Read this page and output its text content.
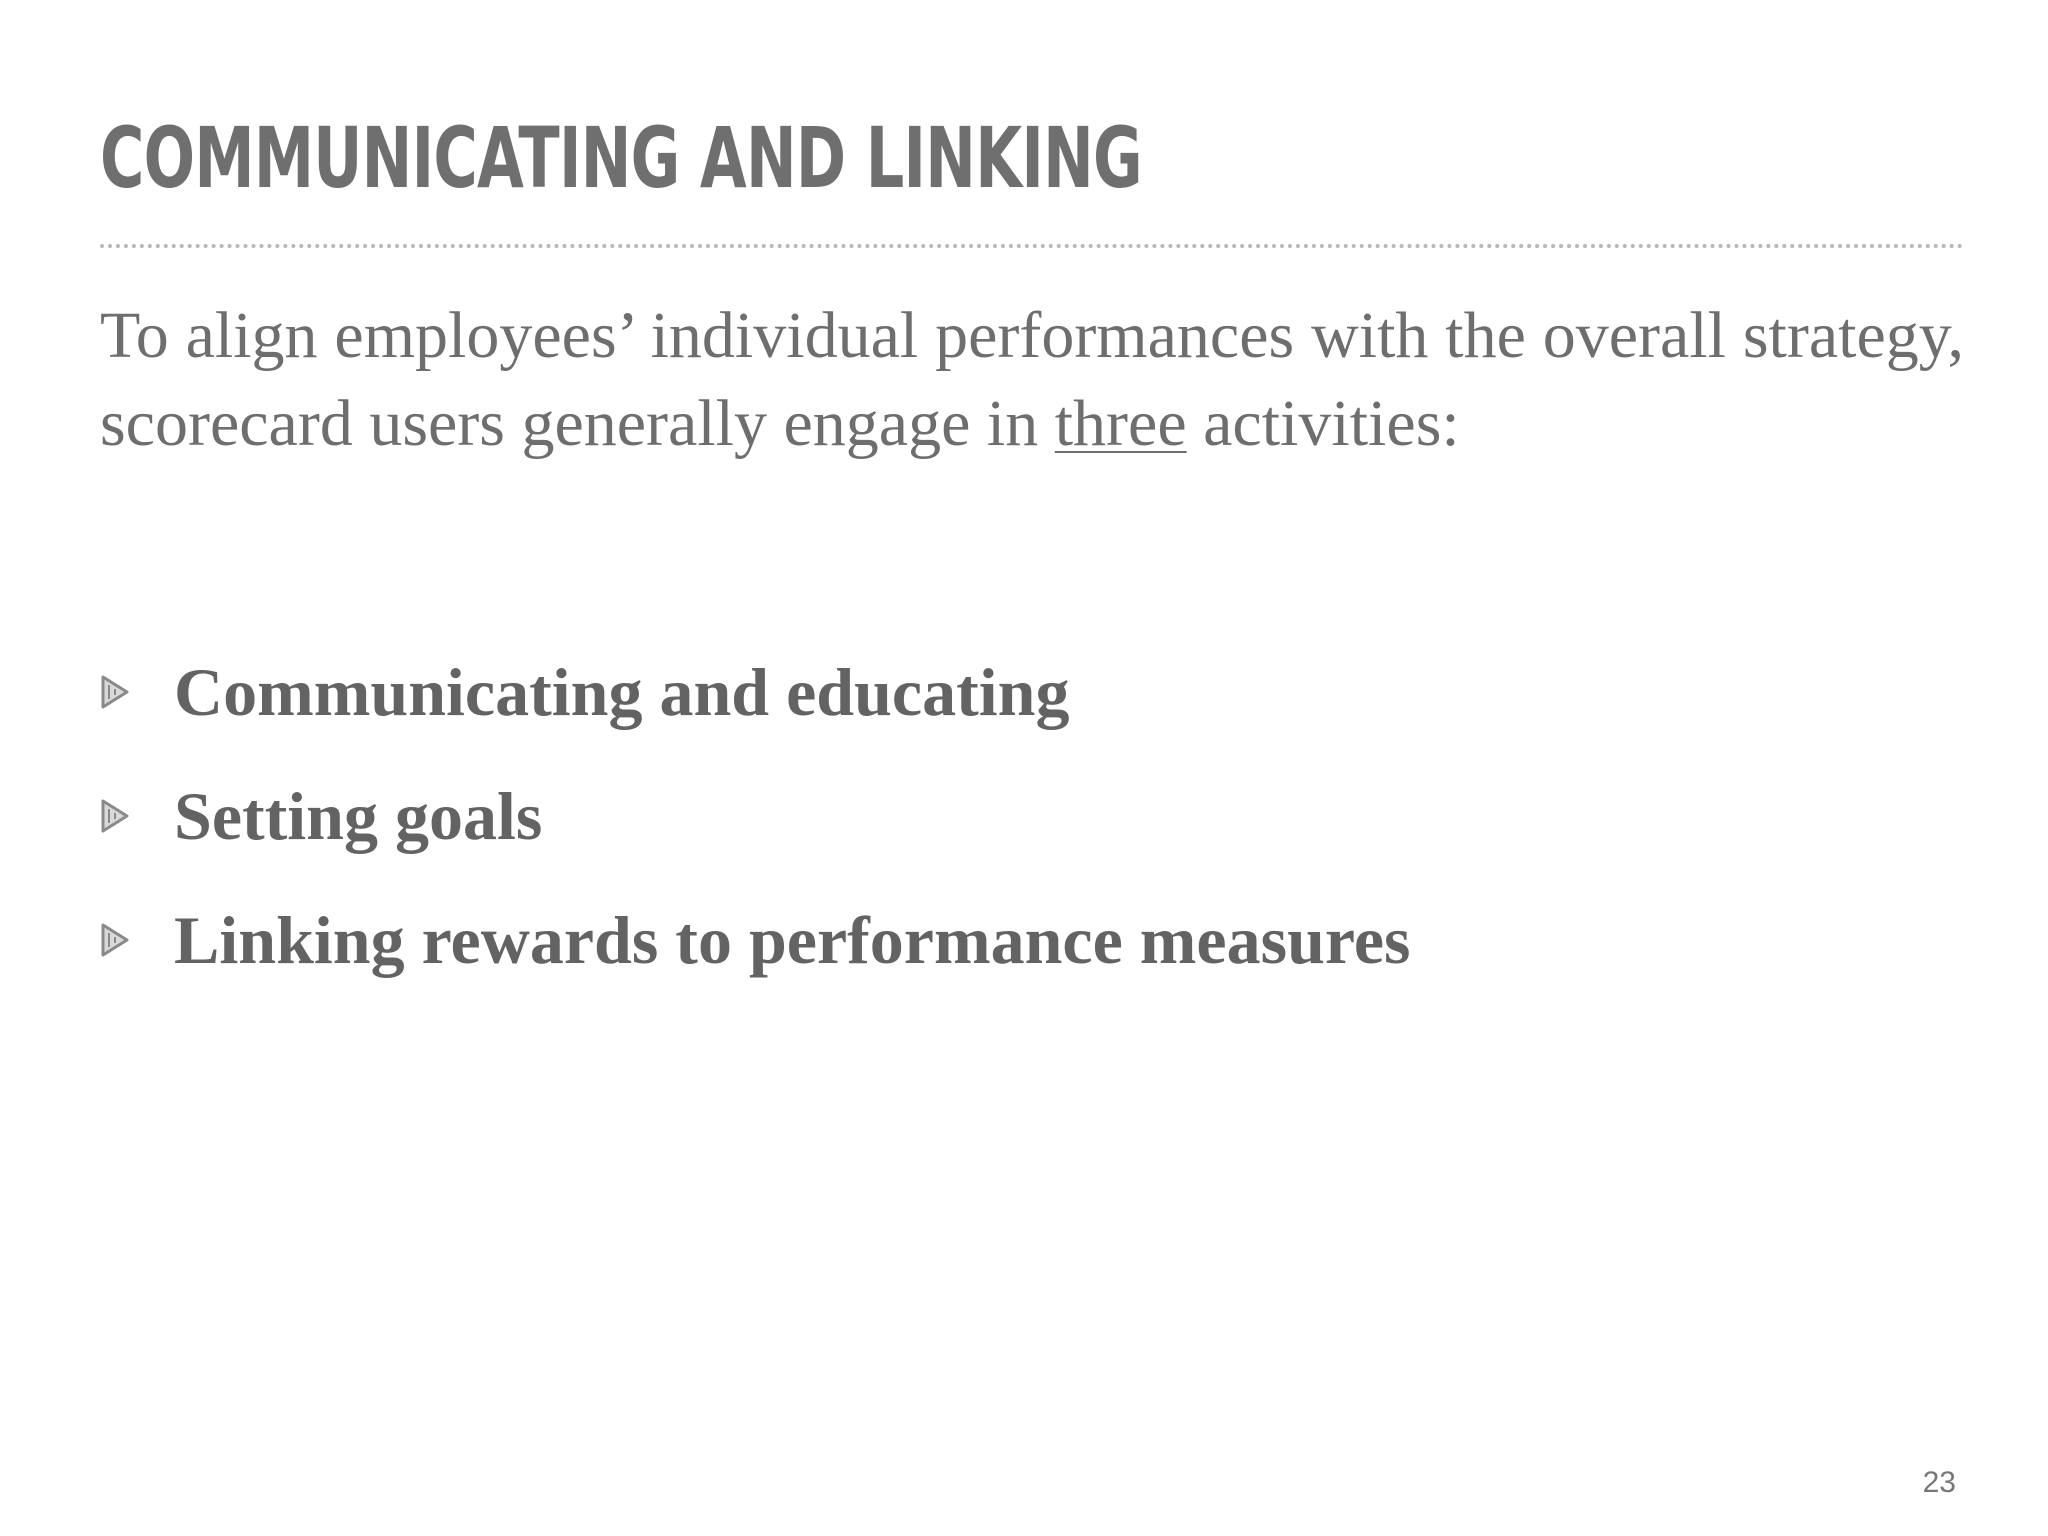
COMMUNICATING AND LINKING

To align employees’ individual performances with the overall strategy, scorecard users generally engage in three activities:

Communicating and educating
Setting goals
Linking rewards to performance measures
23
